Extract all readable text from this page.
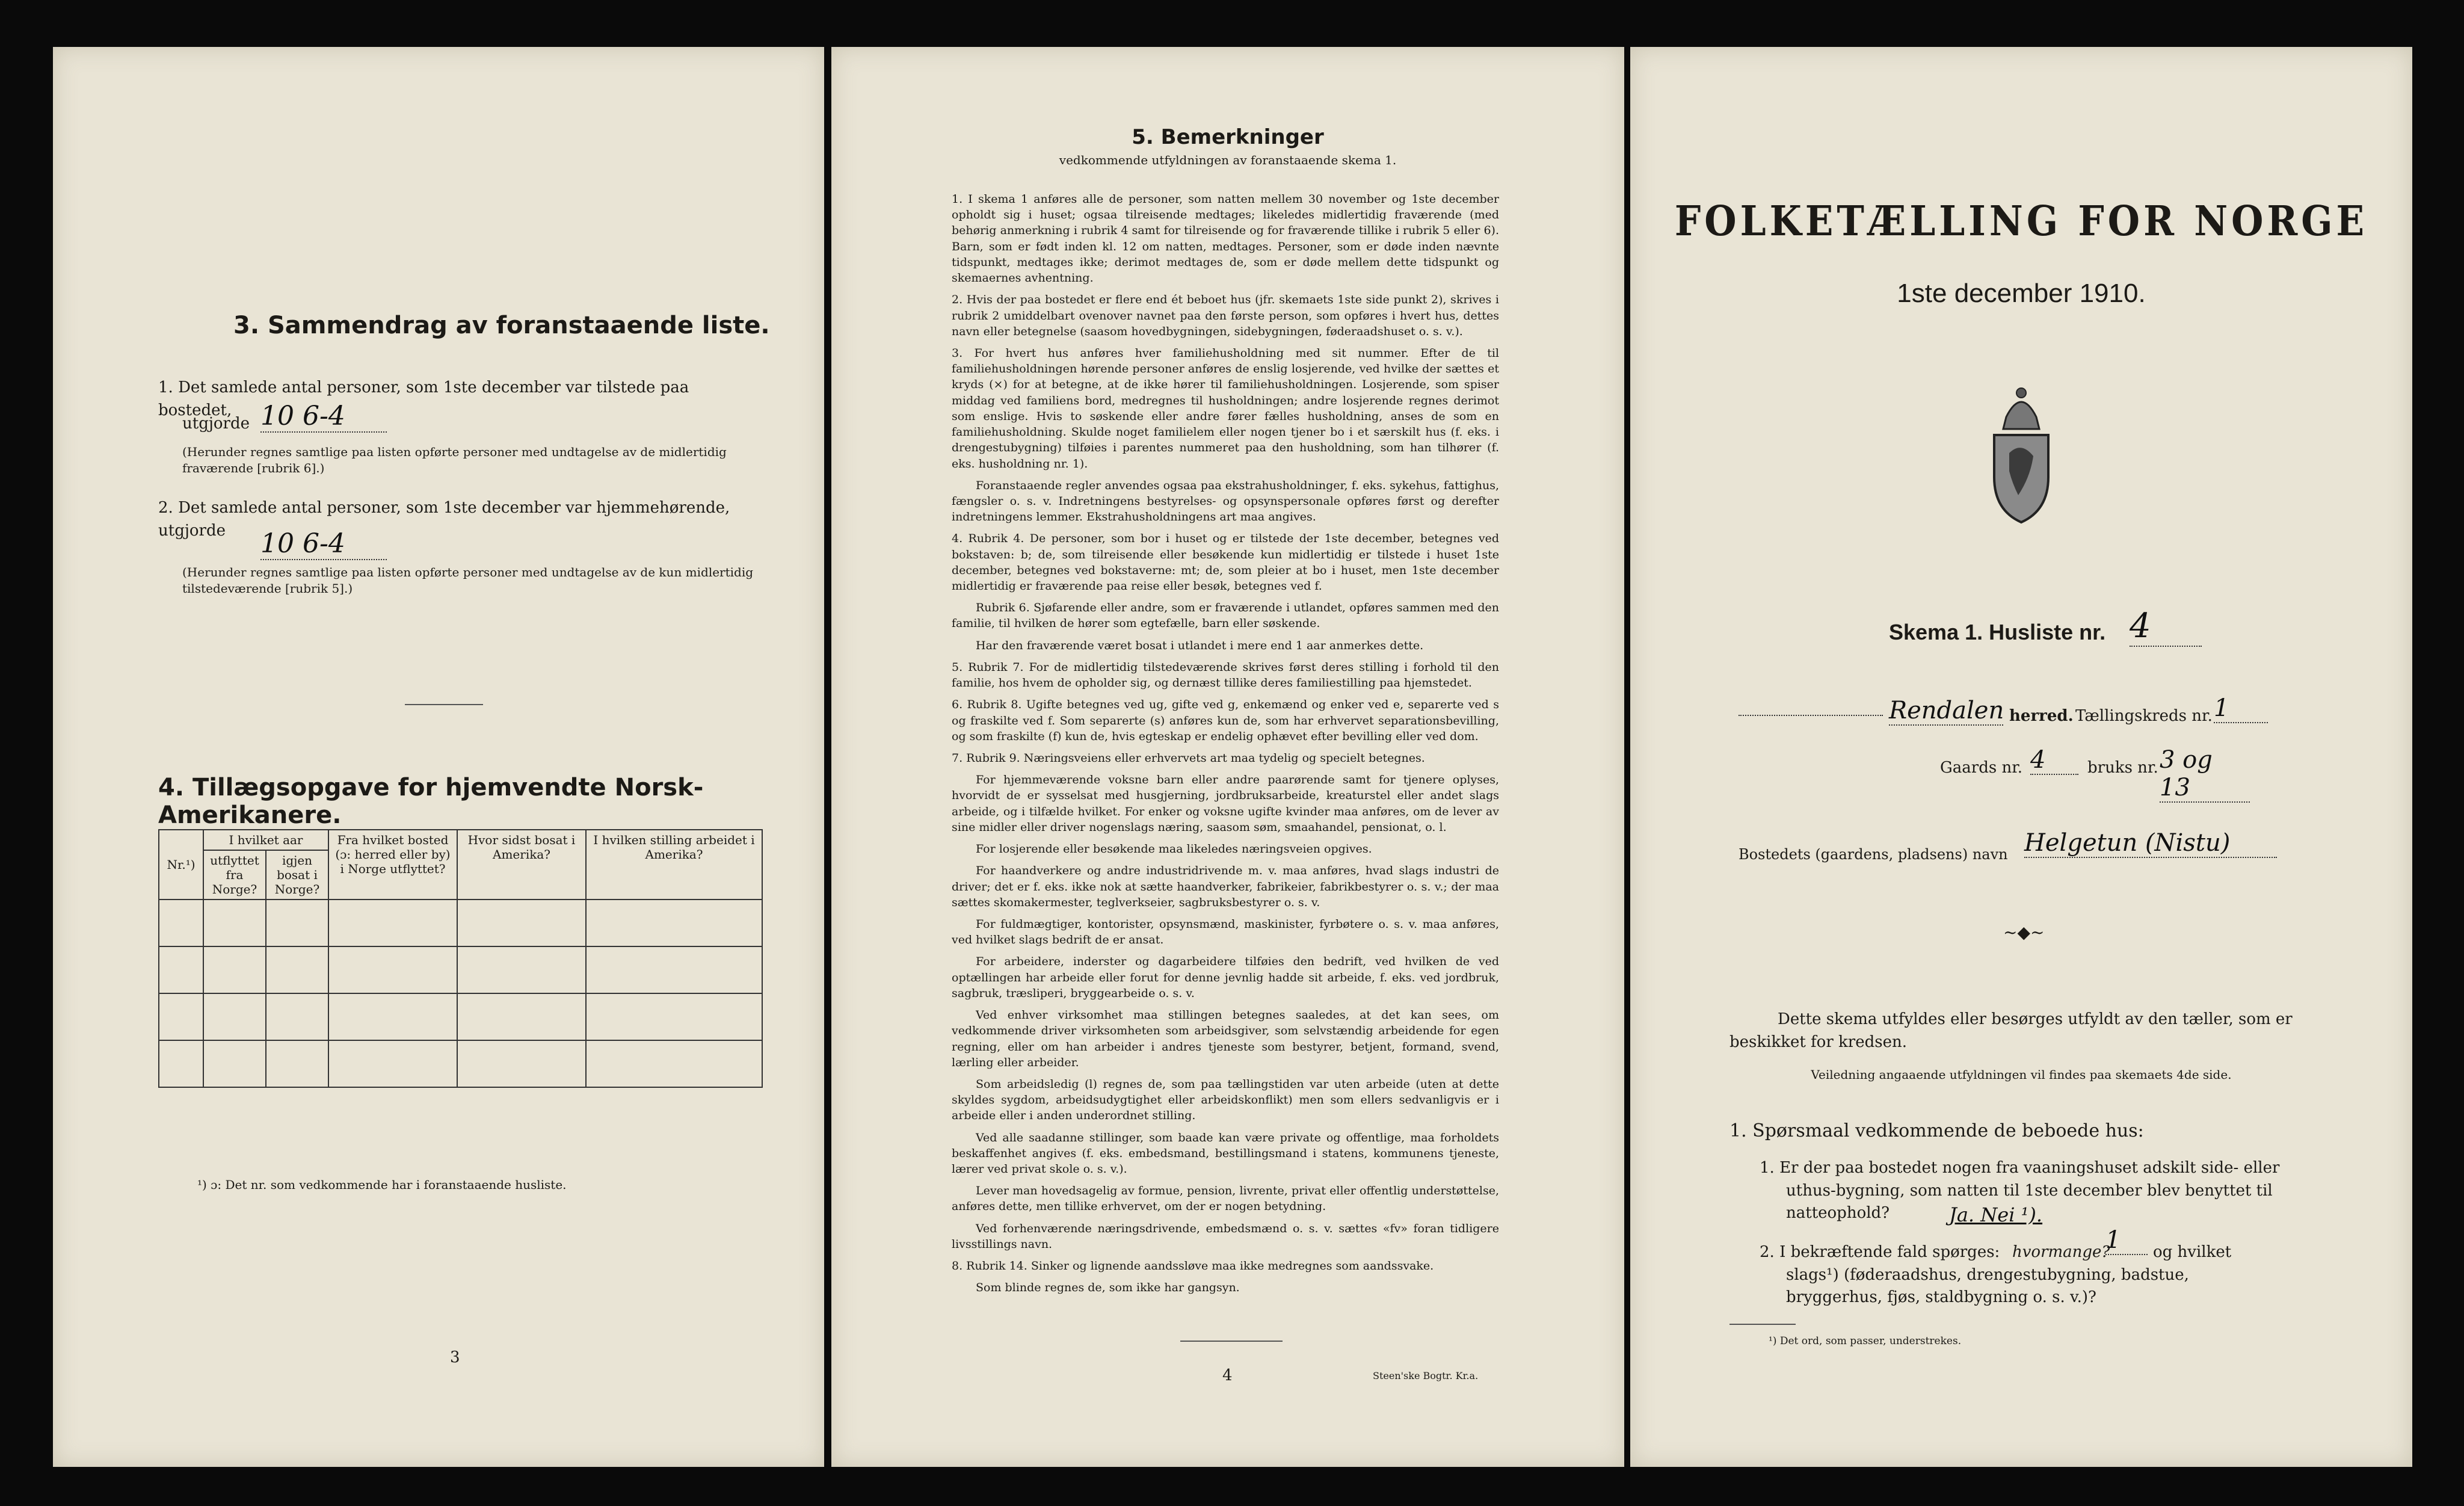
3. Sammendrag av foranstaaende liste.
1. Det samlede antal personer, som 1ste december var tilstede paa bostedet,
utgjorde 10 6-4
(Herunder regnes samtlige paa listen opførte personer med undtagelse av de midlertidig fraværende [rubrik 6].)
2. Det samlede antal personer, som 1ste december var hjemmehørende, utgjorde	10 6-4
(Herunder regnes samtlige paa listen opførte personer med undtagelse av de kun midlertidig tilstedeværende [rubrik 5].)
4. Tillægsopgave for hjemvendte Norsk-Amerikanere.
Nr.¹)	I hvilket aar		Fra hvilket bosted (ɔ: herred eller by) i Norge utflyttet?	Hvor sidst bosat i Amerika?	I hvilken stilling arbeidet i Amerika?
	utflyttet fra Norge?	igjen bosat i Norge?			

¹) ɔ: Det nr. som vedkommende har i foranstaaende husliste.
3
5. Bemerkninger
vedkommende utfyldningen av foranstaaende skema 1.
1. I skema 1 anføres alle de personer, som natten mellem 30 november og 1ste december opholdt sig i huset; ogsaa tilreisende medtages; likeledes midlertidig fraværende (med behørig anmerkning i rubrik 4 samt for tilreisende og for fraværende tillike i rubrik 5 eller 6). Barn, som er født inden kl. 12 om natten, medtages. Personer, som er døde inden nævnte tidspunkt, medtages ikke; derimot medtages de, som er døde mellem dette tidspunkt og skemaernes avhentning.
2. Hvis der paa bostedet er flere end ét beboet hus (jfr. skemaets 1ste side punkt 2), skrives i rubrik 2 umiddelbart ovenover navnet paa den første person, som opføres i hvert hus, dettes navn eller betegnelse (saasom hovedbygningen, sidebygningen, føderaadshuset o. s. v.).
3. For hvert hus anføres hver familiehusholdning med sit nummer. Efter de til familiehusholdningen hørende personer anføres de enslig losjerende, ved hvilke der sættes et kryds (×) for at betegne, at de ikke hører til familiehusholdningen. Losjerende, som spiser middag ved familiens bord, medregnes til husholdningen; andre losjerende regnes derimot som enslige. Hvis to søskende eller andre fører fælles husholdning, anses de som en familiehusholdning. Skulde noget familielem eller nogen tjener bo i et særskilt hus (f. eks. i drengestubygning) tilføies i parentes nummeret paa den husholdning, som han tilhører (f. eks. husholdning nr. 1).
Foranstaaende regler anvendes ogsaa paa ekstrahusholdninger, f. eks. sykehus, fattighus, fængsler o. s. v. Indretningens bestyrelses- og opsynspersonale opføres først og derefter indretningens lemmer. Ekstrahusholdningens art maa angives.
4. Rubrik 4. De personer, som bor i huset og er tilstede der 1ste december, betegnes ved bokstaven: b; de, som tilreisende eller besøkende kun midlertidig er tilstede i huset 1ste december, betegnes ved bokstaverne: mt; de, som pleier at bo i huset, men 1ste december midlertidig er fraværende paa reise eller besøk, betegnes ved f.
Rubrik 6. Sjøfarende eller andre, som er fraværende i utlandet, opføres sammen med den familie, til hvilken de hører som egtefælle, barn eller søskende.
Har den fraværende været bosat i utlandet i mere end 1 aar anmerkes dette.
5. Rubrik 7. For de midlertidig tilstedeværende skrives først deres stilling i forhold til den familie, hos hvem de opholder sig, og dernæst tillike deres familiestilling paa hjemstedet.
6. Rubrik 8. Ugifte betegnes ved ug, gifte ved g, enkemænd og enker ved e, separerte ved s og fraskilte ved f. Som separerte (s) anføres kun de, som har erhvervet separationsbevilling, og som fraskilte (f) kun de, hvis egteskap er endelig ophævet efter bevilling eller ved dom.
7. Rubrik 9. Næringsveiens eller erhvervets art maa tydelig og specielt betegnes.
For hjemmeværende voksne barn eller andre paarørende samt for tjenere oplyses, hvorvidt de er sysselsat med husgjerning, jordbruksarbeide, kreaturstel eller andet slags arbeide, og i tilfælde hvilket. For enker og voksne ugifte kvinder maa anføres, om de lever av sine midler eller driver nogenslags næring, saasom søm, smaahandel, pensionat, o. l.
For losjerende eller besøkende maa likeledes næringsveien opgives.
For haandverkere og andre industridrivende m. v. maa anføres, hvad slags industri de driver; det er f. eks. ikke nok at sætte haandverker, fabrikeier, fabrikbestyrer o. s. v.; der maa sættes skomakermester, teglverkseier, sagbruksbestyrer o. s. v.
For fuldmægtiger, kontorister, opsynsmænd, maskinister, fyrbøtere o. s. v. maa anføres, ved hvilket slags bedrift de er ansat.
For arbeidere, inderster og dagarbeidere tilføies den bedrift, ved hvilken de ved optællingen har arbeide eller forut for denne jevnlig hadde sit arbeide, f. eks. ved jordbruk, sagbruk, træsliperi, bryggearbeide o. s. v.
Ved enhver virksomhet maa stillingen betegnes saaledes, at det kan sees, om vedkommende driver virksomheten som arbeidsgiver, som selvstændig arbeidende for egen regning, eller om han arbeider i andres tjeneste som bestyrer, betjent, formand, svend, lærling eller arbeider.
Som arbeidsledig (l) regnes de, som paa tællingstiden var uten arbeide (uten at dette skyldes sygdom, arbeidsudygtighet eller arbeidskonflikt) men som ellers sedvanligvis er i arbeide eller i anden underordnet stilling.
Ved alle saadanne stillinger, som baade kan være private og offentlige, maa forholdets beskaffenhet angives (f. eks. embedsmand, bestillingsmand i statens, kommunens tjeneste, lærer ved privat skole o. s. v.).
Lever man hovedsagelig av formue, pension, livrente, privat eller offentlig understøttelse, anføres dette, men tillike erhvervet, om der er nogen betydning.
Ved forhenværende næringsdrivende, embedsmænd o. s. v. sættes «fv» foran tidligere livsstillings navn.
8. Rubrik 14. Sinker og lignende aandssløve maa ikke medregnes som aandssvake.
Som blinde regnes de, som ikke har gangsyn.
4	Steen'ske Bogtr. Kr.a.
FOLKETÆLLING FOR NORGE
1ste december 1910.
Skema 1. Husliste nr. 4
Rendalen herred. Tællingskreds nr. 1
Gaards nr. 4	bruks nr. 3 og 13
Bostedets (gaardens, pladsens) navn Helgetun (Nistu)
~◆~
Dette skema utfyldes eller besørges utfyldt av den tæller, som er beskikket for kredsen.
Veiledning angaaende utfyldningen vil findes paa skemaets 4de side.
1. Spørsmaal vedkommende de beboede hus:
1. Er der paa bostedet nogen fra vaaningshuset adskilt side- eller uthus-bygning, som natten til 1ste december blev benyttet til natteophold?	Ja. Nei ¹).
2. I bekræftende fald spørges: hvormange?
1	og hvilket slags¹) (føderaadshus, drengestubygning, badstue, bryggerhus, fjøs, staldbygning o. s. v.)?
¹) Det ord, som passer, understrekes.
